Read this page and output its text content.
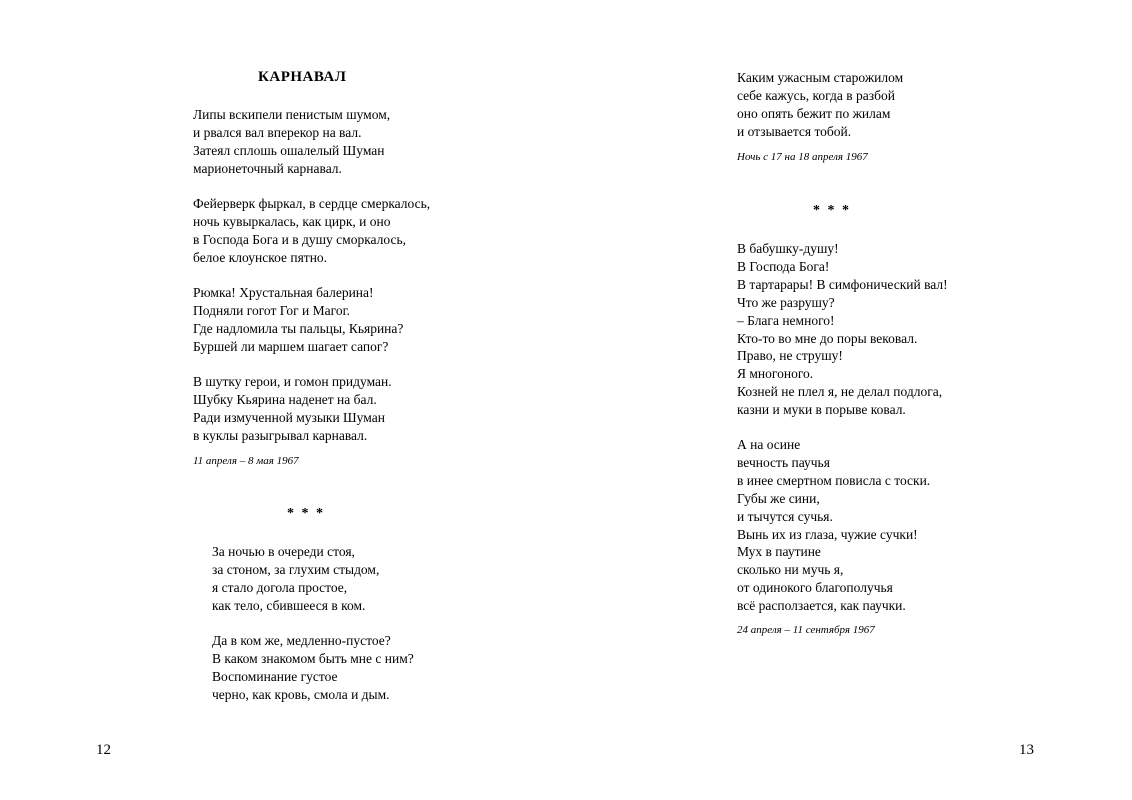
КАРНАВАЛ
Липы вскипели пенистым шумом,
и рвался вал вперекор на вал.
Затеял сплошь ошалелый Шуман
марионеточный карнавал.
Фейерверк фыркал, в сердце смеркалось,
ночь кувыркалась, как цирк, и оно
в Господа Бога и в душу сморкалось,
белое клоунское пятно.
Рюмка! Хрустальная балерина!
Подняли гогот Гог и Магог.
Где надломила ты пальцы, Кьярина?
Буршей ли маршем шагает сапог?
В шутку герои, и гомон придуман.
Шубку Кьярина наденет на бал.
Ради измученной музыки Шуман
в куклы разыгрывал карнавал.
11 апреля – 8 мая 1967
* * *
За ночью в очереди стоя,
за стоном, за глухим стыдом,
я стало догола простое,
как тело, сбившееся в ком.
Да в ком же, медленно-пустое?
В каком знакомом быть мне с ним?
Воспоминание густое
черно, как кровь, смола и дым.
12
Каким ужасным старожилом
себе кажусь, когда в разбой
оно опять бежит по жилам
и отзывается тобой.
Ночь с 17 на 18 апреля 1967
* * *
В бабушку-душу!
В Господа Бога!
В тартарары! В симфонический вал!
Что же разрушу?
– Блага немного!
Кто-то во мне до поры вековал.
Право, не струшу!
Я многоного.
Козней не плел я, не делал подлога,
казни и муки в порыве ковал.
А на осине
вечность паучья
в инее смертном повисла с тоски.
Губы же сини,
и тычутся сучья.
Вынь их из глаза, чужие сучки!
Мух в паутине
сколько ни мучь я,
от одинокого благополучья
всё расползается, как паучки.
24 апреля – 11 сентября 1967
13
